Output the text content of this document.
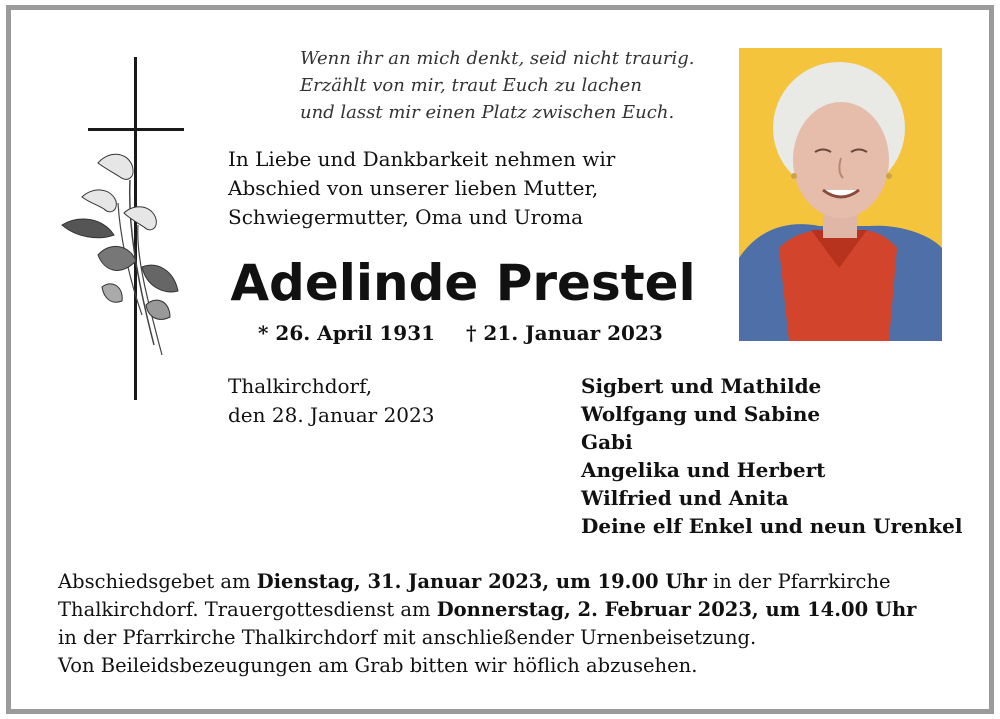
Wenn ihr an mich denkt, seid nicht traurig.
Erzählt von mir, traut Euch zu lachen
und lasst mir einen Platz zwischen Euch.
In Liebe und Dankbarkeit nehmen wir
Abschied von unserer lieben Mutter,
Schwiegermutter, Oma und Uroma
Adelinde Prestel
* 26. April 1931 † 21. Januar 2023
Thalkirchdorf,
den 28. Januar 2023
Sigbert und Mathilde
Wolfgang und Sabine
Gabi
Angelika und Herbert
Wilfried und Anita
Deine elf Enkel und neun Urenkel
Abschiedsgebet am Dienstag, 31. Januar 2023, um 19.00 Uhr in der Pfarrkirche
Thalkirchdorf. Trauergottesdienst am Donnerstag, 2. Februar 2023, um 14.00 Uhr
in der Pfarrkirche Thalkirchdorf mit anschließender Urnenbeisetzung.
Von Beileidsbezeugungen am Grab bitten wir höflich abzusehen.
